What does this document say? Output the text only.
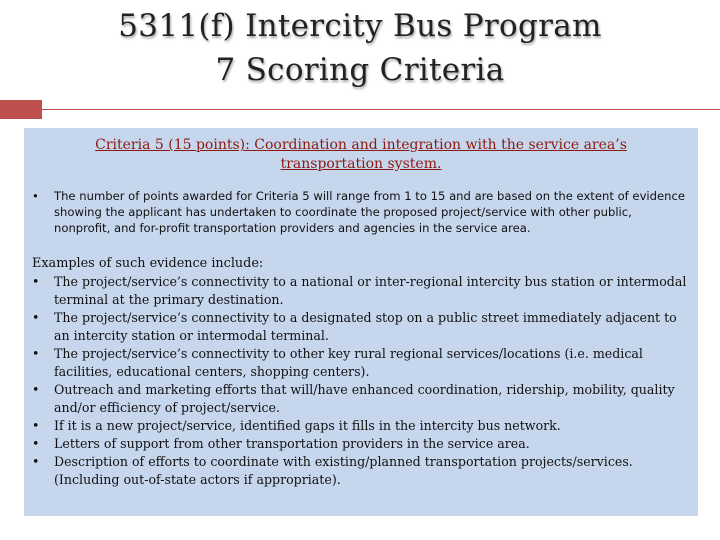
5311(f) Intercity Bus Program
7 Scoring Criteria
Criteria 5 (15 points): Coordination and integration with the service area’s transportation system.
•	The number of points awarded for Criteria 5 will range from 1 to 15 and are based on the extent of evidence showing the applicant has undertaken to coordinate the proposed project/service with other public, nonprofit, and for-profit transportation providers and agencies in the service area.
Examples of such evidence include:
•	The project/service’s connectivity to a national or inter-regional intercity bus station or intermodal terminal at the primary destination.
•	The project/service’s connectivity to a designated stop on a public street immediately adjacent to an intercity station or intermodal terminal.
•	The project/service’s connectivity to other key rural regional services/locations (i.e. medical facilities, educational centers, shopping centers).
•	Outreach and marketing efforts that will/have enhanced coordination, ridership, mobility, quality and/or efficiency of project/service.
•	If it is a new project/service, identified gaps it fills in the intercity bus network.
•	Letters of support from other transportation providers in the service area.
•	Description of efforts to coordinate with existing/planned transportation projects/services. (Including out-of-state actors if appropriate).
